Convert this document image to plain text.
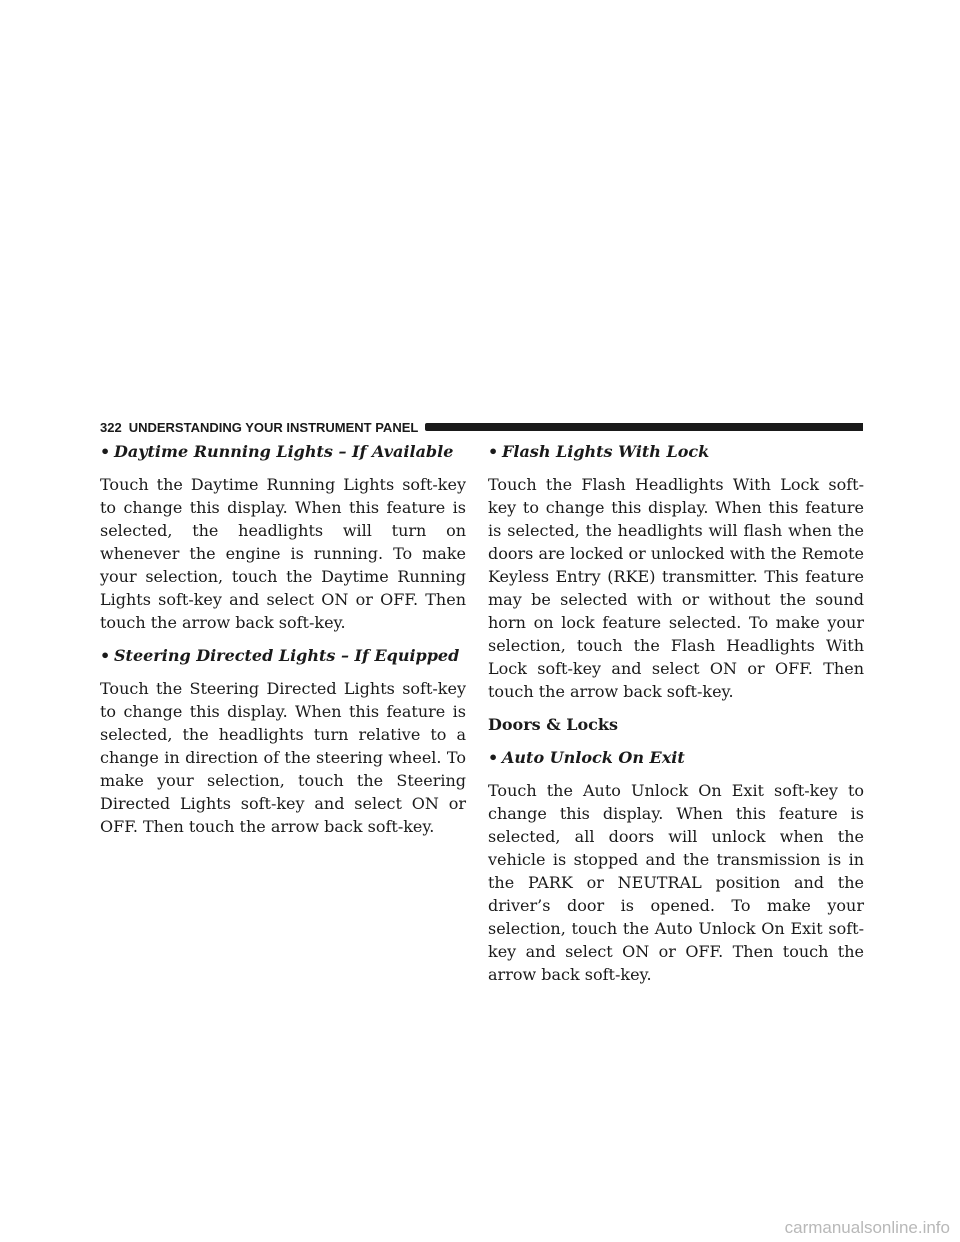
322 UNDERSTANDING YOUR INSTRUMENT PANEL
• Daytime Running Lights – If Available

Touch the Daytime Running Lights soft-key to change this display. When this feature is selected, the headlights will turn on whenever the engine is running. To make your selection, touch the Daytime Running Lights soft-key and select ON or OFF. Then touch the arrow back soft-key.

• Steering Directed Lights – If Equipped

Touch the Steering Directed Lights soft-key to change this display. When this feature is selected, the headlights turn relative to a change in direction of the steering wheel. To make your selection, touch the Steering Directed Lights soft-key and select ON or OFF. Then touch the arrow back soft-key.

• Flash Lights With Lock

Touch the Flash Headlights With Lock soft-key to change this display. When this feature is selected, the headlights will flash when the doors are locked or unlocked with the Remote Keyless Entry (RKE) transmitter. This feature may be selected with or without the sound horn on lock feature selected. To make your selection, touch the Flash Headlights With Lock soft-key and select ON or OFF. Then touch the arrow back soft-key.

Doors & Locks
• Auto Unlock On Exit

Touch the Auto Unlock On Exit soft-key to change this display. When this feature is selected, all doors will unlock when the vehicle is stopped and the transmission is in the PARK or NEUTRAL position and the driver’s door is opened. To make your selection, touch the Auto Unlock On Exit soft-key and select ON or OFF. Then touch the arrow back soft-key.

carmanualsonline.info
